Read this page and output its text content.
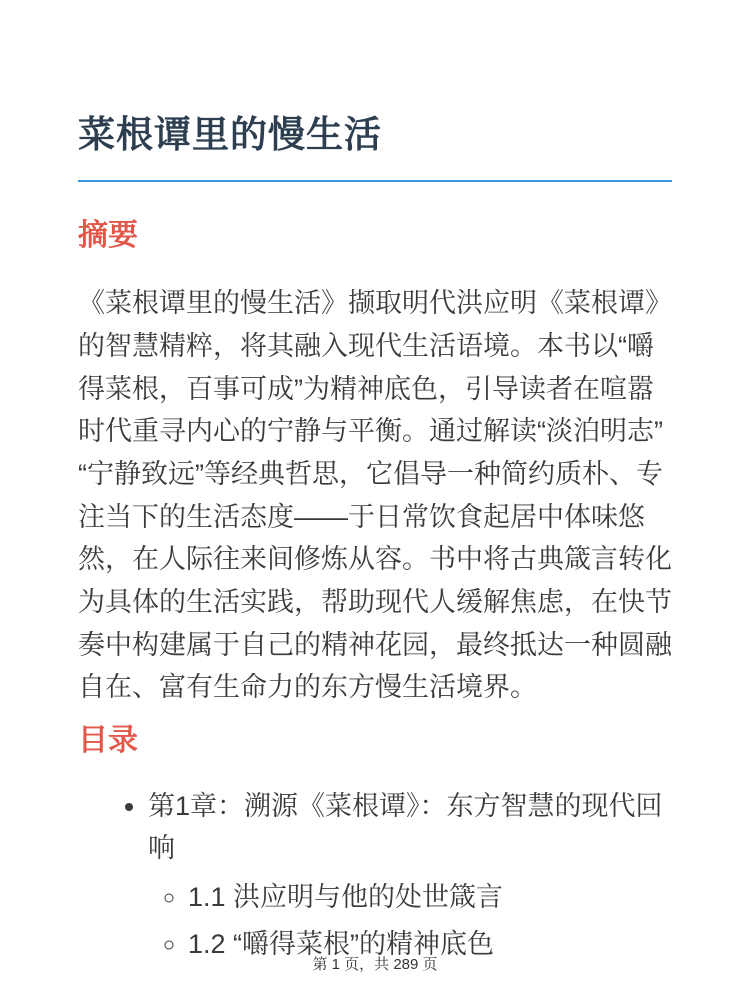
菜根谭里的慢生活
摘要

《菜根谭里的慢生活》撷取明代洪应明《菜根谭》的智慧精粹，将其融入现代生活语境。本书以“嚼得菜根，百事可成”为精神底色，引导读者在喧嚣时代重寻内心的宁静与平衡。通过解读“淡泊明志”“宁静致远”等经典哲思，它倡导一种简约质朴、专注当下的生活态度——于日常饮食起居中体味悠然，在人际往来间修炼从容。书中将古典箴言转化为具体的生活实践，帮助现代人缓解焦虑，在快节奏中构建属于自己的精神花园，最终抵达一种圆融自在、富有生命力的东方慢生活境界。

目录
• 第1章：溯源《菜根谭》：东方智慧的现代回响
◦ 1.1 洪应明与他的处世箴言
◦ 1.2 “嚼得菜根”的精神底色
第 1 页，共 289 页
